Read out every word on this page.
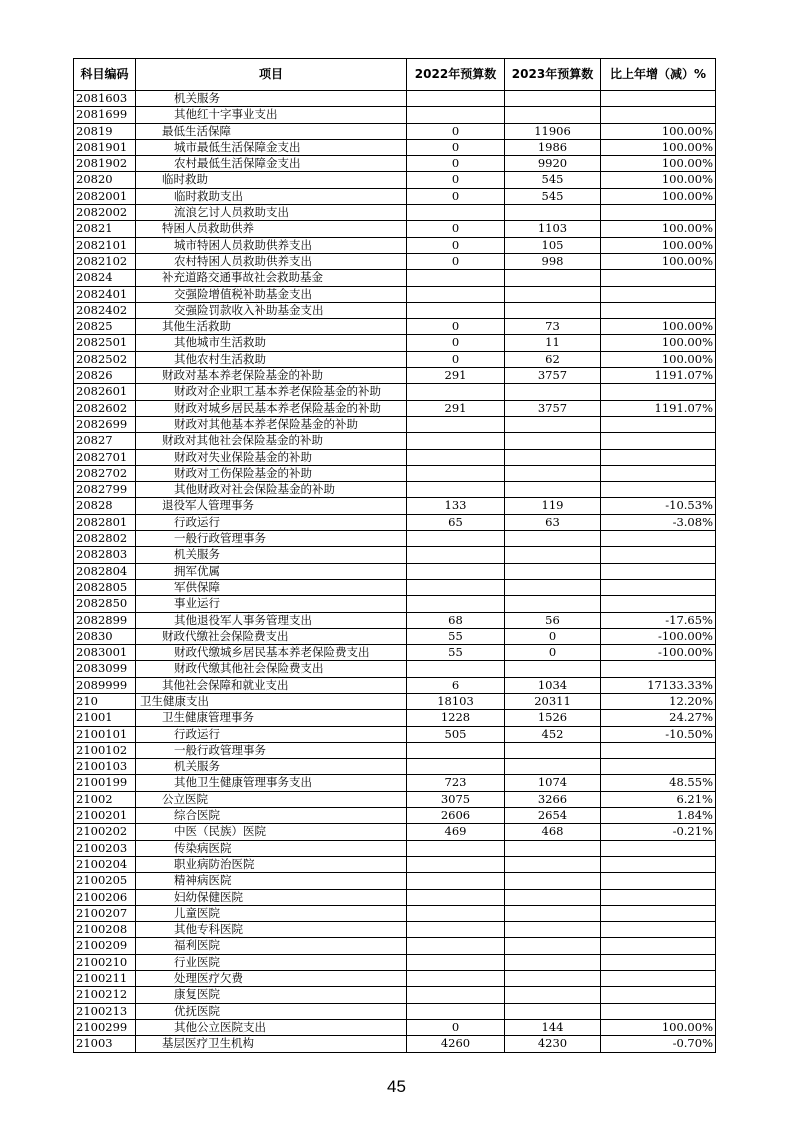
科目编码	项目	2022年预算数	2023年预算数	比上年增（减）%
2081603	机关服务			
2081699	其他红十字事业支出			
20819	最低生活保障	0	11906	100.00%
2081901	城市最低生活保障金支出	0	1986	100.00%
2081902	农村最低生活保障金支出	0	9920	100.00%
20820	临时救助	0	545	100.00%
2082001	临时救助支出	0	545	100.00%
2082002	流浪乞讨人员救助支出			
20821	特困人员救助供养	0	1103	100.00%
2082101	城市特困人员救助供养支出	0	105	100.00%
2082102	农村特困人员救助供养支出	0	998	100.00%
20824	补充道路交通事故社会救助基金			
2082401	交强险增值税补助基金支出			
2082402	交强险罚款收入补助基金支出			
20825	其他生活救助	0	73	100.00%
2082501	其他城市生活救助	0	11	100.00%
2082502	其他农村生活救助	0	62	100.00%
20826	财政对基本养老保险基金的补助	291	3757	1191.07%
2082601	财政对企业职工基本养老保险基金的补助			
2082602	财政对城乡居民基本养老保险基金的补助	291	3757	1191.07%
2082699	财政对其他基本养老保险基金的补助			
20827	财政对其他社会保险基金的补助			
2082701	财政对失业保险基金的补助			
2082702	财政对工伤保险基金的补助			
2082799	其他财政对社会保险基金的补助			
20828	退役军人管理事务	133	119	-10.53%
2082801	行政运行	65	63	-3.08%
2082802	一般行政管理事务			
2082803	机关服务			
2082804	拥军优属			
2082805	军供保障			
2082850	事业运行			
2082899	其他退役军人事务管理支出	68	56	-17.65%
20830	财政代缴社会保险费支出	55	0	-100.00%
2083001	财政代缴城乡居民基本养老保险费支出	55	0	-100.00%
2083099	财政代缴其他社会保险费支出			
2089999	其他社会保障和就业支出	6	1034	17133.33%
210	卫生健康支出	18103	20311	12.20%
21001	卫生健康管理事务	1228	1526	24.27%
2100101	行政运行	505	452	-10.50%
2100102	一般行政管理事务			
2100103	机关服务			
2100199	其他卫生健康管理事务支出	723	1074	48.55%
21002	公立医院	3075	3266	6.21%
2100201	综合医院	2606	2654	1.84%
2100202	中医（民族）医院	469	468	-0.21%
2100203	传染病医院			
2100204	职业病防治医院			
2100205	精神病医院			
2100206	妇幼保健医院			
2100207	儿童医院			
2100208	其他专科医院			
2100209	福利医院			
2100210	行业医院			
2100211	处理医疗欠费			
2100212	康复医院			
2100213	优抚医院			
2100299	其他公立医院支出	0	144	100.00%
21003	基层医疗卫生机构	4260	4230	-0.70%
45
